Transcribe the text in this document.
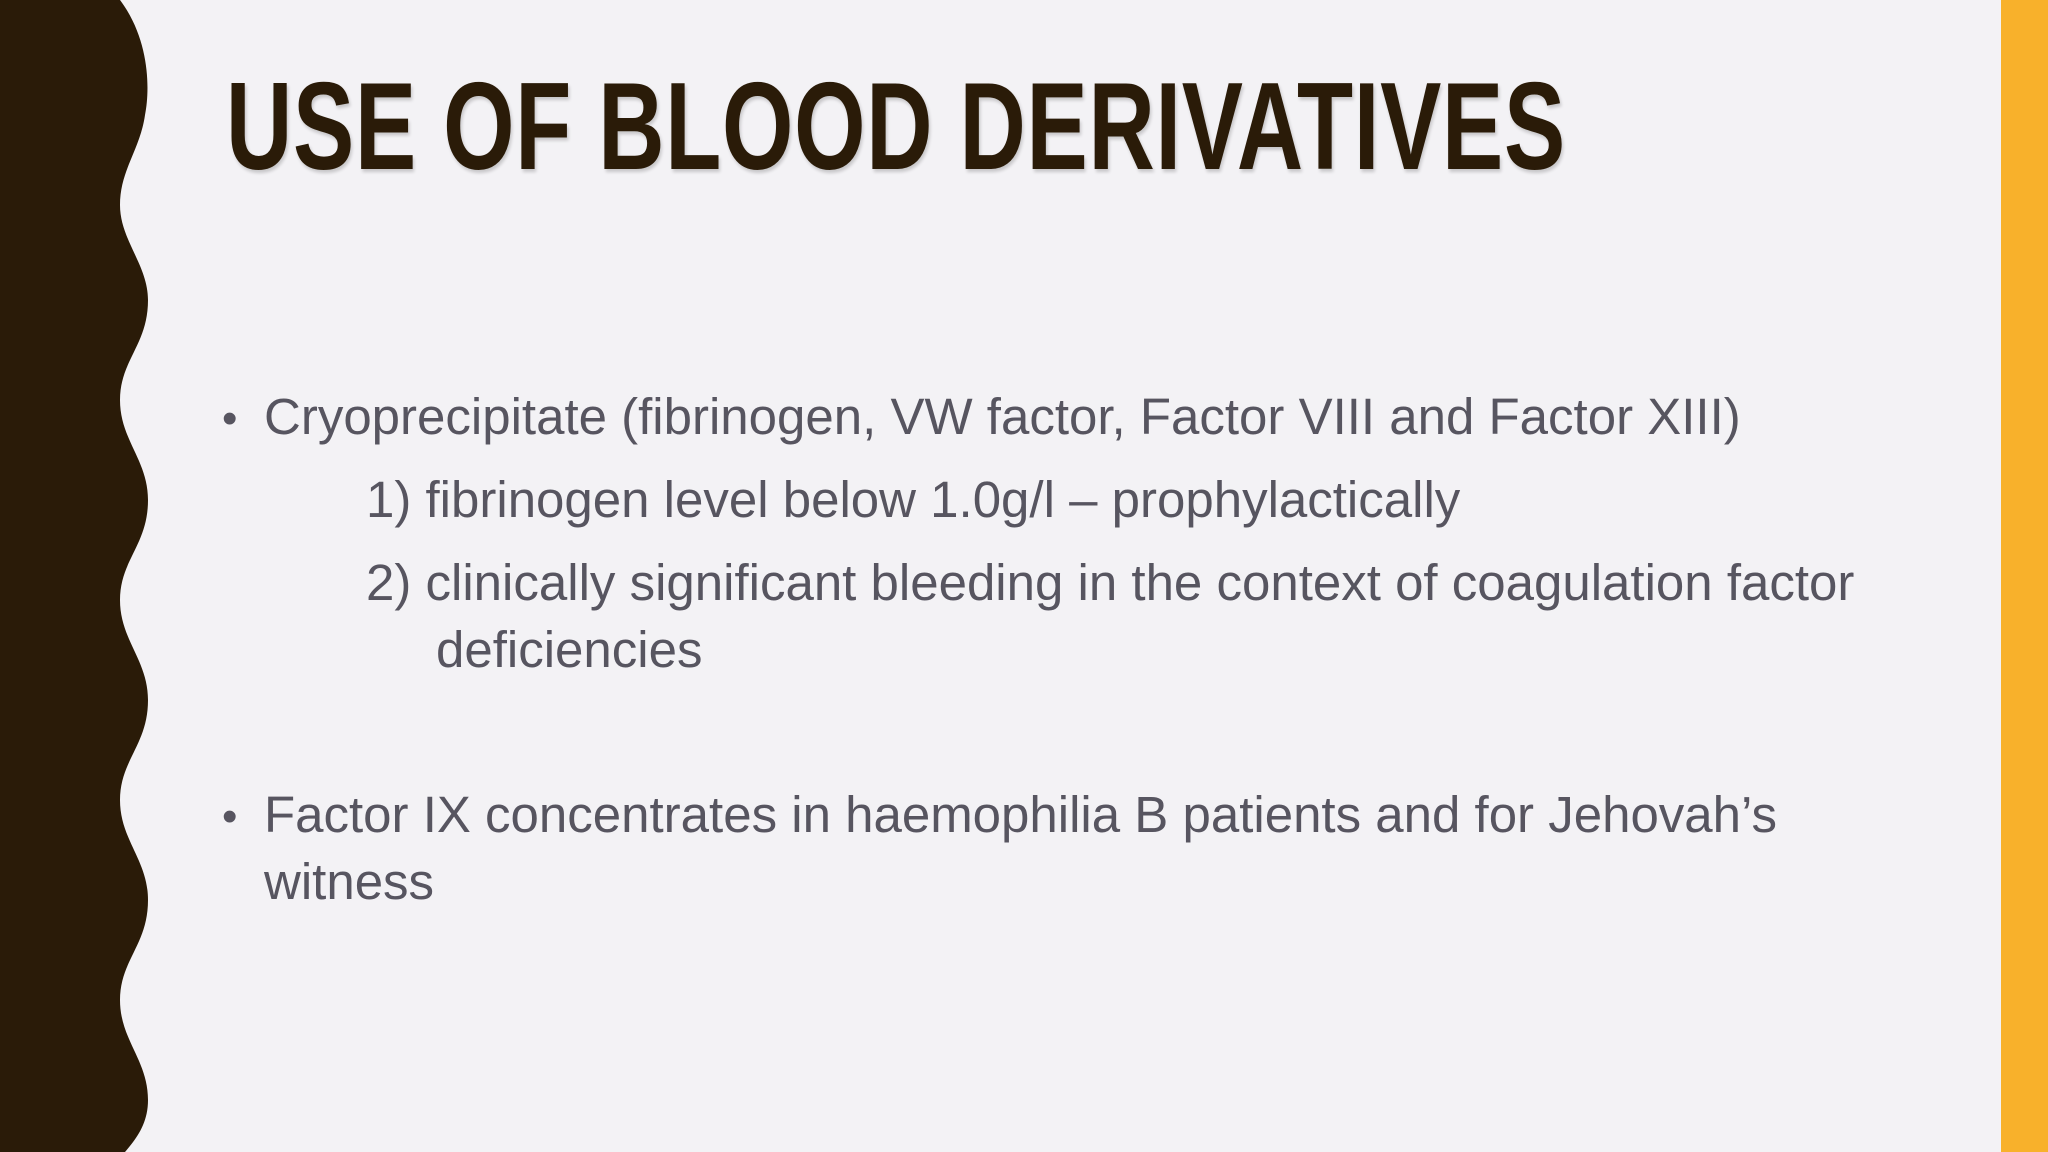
USE OF BLOOD DERIVATIVES
• Cryoprecipitate (fibrinogen, VW factor, Factor VIII and Factor XIII)
1) fibrinogen level below 1.0g/l – prophylactically
2) clinically significant bleeding in the context of coagulation factor
deficiencies
• Factor IX concentrates in haemophilia B patients and for Jehovah’s
witness
